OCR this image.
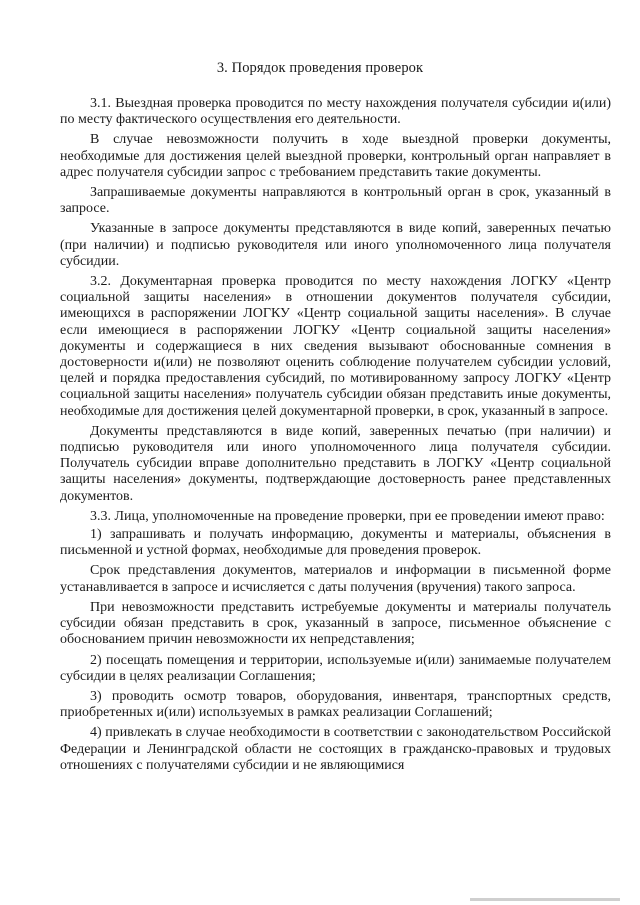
3. Порядок проведения проверок

3.1. Выездная проверка проводится по месту нахождения получателя субсидии и(или) по месту фактического осуществления его деятельности.

В случае невозможности получить в ходе выездной проверки документы, необходимые для достижения целей выездной проверки, контрольный орган направляет в адрес получателя субсидии запрос с требованием представить такие документы.

Запрашиваемые документы направляются в контрольный орган в срок, указанный в запросе.

Указанные в запросе документы представляются в виде копий, заверенных печатью (при наличии) и подписью руководителя или иного уполномоченного лица получателя субсидии.

3.2. Документарная проверка проводится по месту нахождения ЛОГКУ «Центр социальной защиты населения» в отношении документов получателя субсидии, имеющихся в распоряжении ЛОГКУ «Центр социальной защиты населения». В случае если имеющиеся в распоряжении ЛОГКУ «Центр социальной защиты населения» документы и содержащиеся в них сведения вызывают обоснованные сомнения в достоверности и(или) не позволяют оценить соблюдение получателем субсидии условий, целей и порядка предоставления субсидий, по мотивированному запросу ЛОГКУ «Центр социальной защиты населения» получатель субсидии обязан представить иные документы, необходимые для достижения целей документарной проверки, в срок, указанный в запросе.

Документы представляются в виде копий, заверенных печатью (при наличии) и подписью руководителя или иного уполномоченного лица получателя субсидии. Получатель субсидии вправе дополнительно представить в ЛОГКУ «Центр социальной защиты населения» документы, подтверждающие достоверность ранее представленных документов.

3.3. Лица, уполномоченные на проведение проверки, при ее проведении имеют право:

1) запрашивать и получать информацию, документы и материалы, объяснения в письменной и устной формах, необходимые для проведения проверок.

Срок представления документов, материалов и информации в письменной форме устанавливается в запросе и исчисляется с даты получения (вручения) такого запроса.

При невозможности представить истребуемые документы и материалы получатель субсидии обязан представить в срок, указанный в запросе, письменное объяснение с обоснованием причин невозможности их непредставления;

2) посещать помещения и территории, используемые и(или) занимаемые получателем субсидии в целях реализации Соглашения;

3) проводить осмотр товаров, оборудования, инвентаря, транспортных средств, приобретенных и(или) используемых в рамках реализации Соглашений;

4) привлекать в случае необходимости в соответствии с законодательством Российской Федерации и Ленинградской области не состоящих в гражданско-правовых и трудовых отношениях с получателями субсидии и не являющимися
